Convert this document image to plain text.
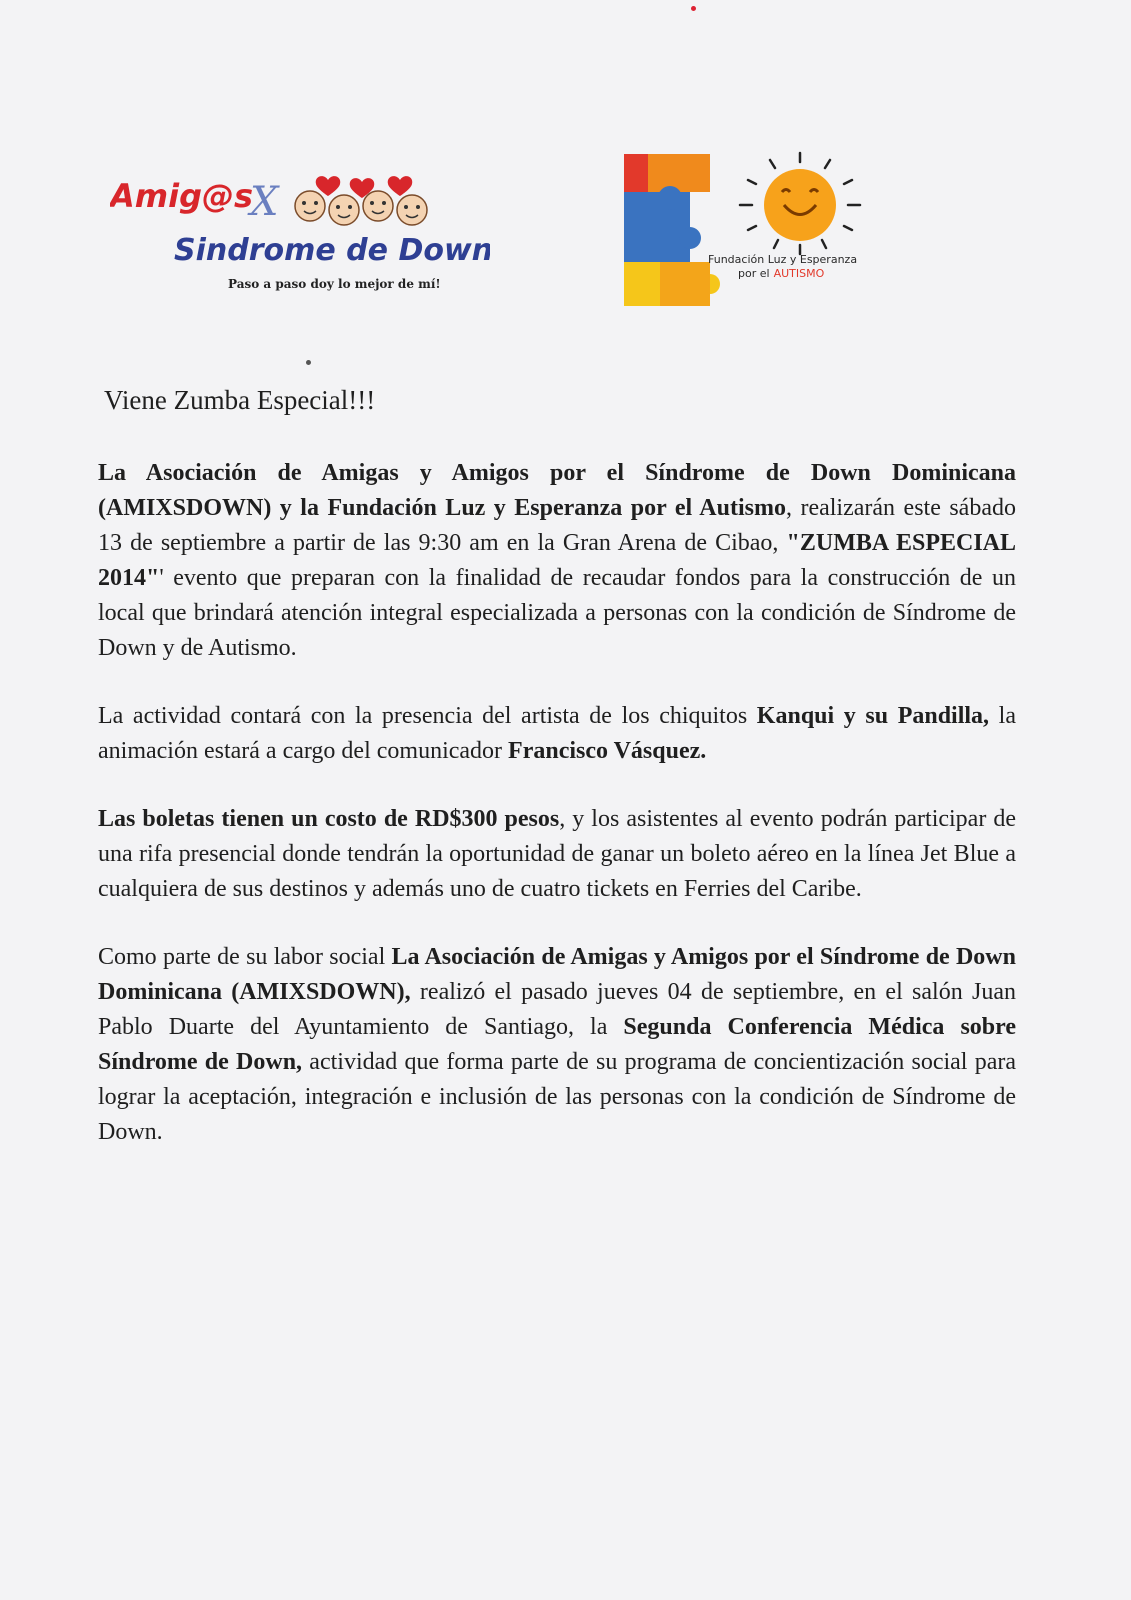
Amig@s
X
Sindrome de Down
Paso a paso doy lo mejor de mí!
Fundación Luz y Esperanza
por el AUTISMO
Viene Zumba Especial!!!

La Asociación de Amigas y Amigos por el Síndrome de Down Dominicana (AMIXSDOWN) y la Fundación Luz y Esperanza por el Autismo, realizarán este sábado 13 de septiembre a partir de las 9:30 am en la Gran Arena de Cibao, "ZUMBA ESPECIAL 2014"' evento que preparan con la finalidad de recaudar fondos para la construcción de un local que brindará atención integral especializada a personas con la condición de Síndrome de Down y de Autismo.

La actividad contará con la presencia del artista de los chiquitos Kanqui y su Pandilla, la animación estará a cargo del comunicador Francisco Vásquez.

Las boletas tienen un costo de RD$300 pesos, y los asistentes al evento podrán participar de una rifa presencial donde tendrán la oportunidad de ganar un boleto aéreo en la línea Jet Blue a cualquiera de sus destinos y además uno de cuatro tickets en Ferries del Caribe.

Como parte de su labor social La Asociación de Amigas y Amigos por el Síndrome de Down Dominicana (AMIXSDOWN), realizó el pasado jueves 04 de septiembre, en el salón Juan Pablo Duarte del Ayuntamiento de Santiago, la Segunda Conferencia Médica sobre Síndrome de Down, actividad que forma parte de su programa de concientización social para lograr la aceptación, integración e inclusión de las personas con la condición de Síndrome de Down.
